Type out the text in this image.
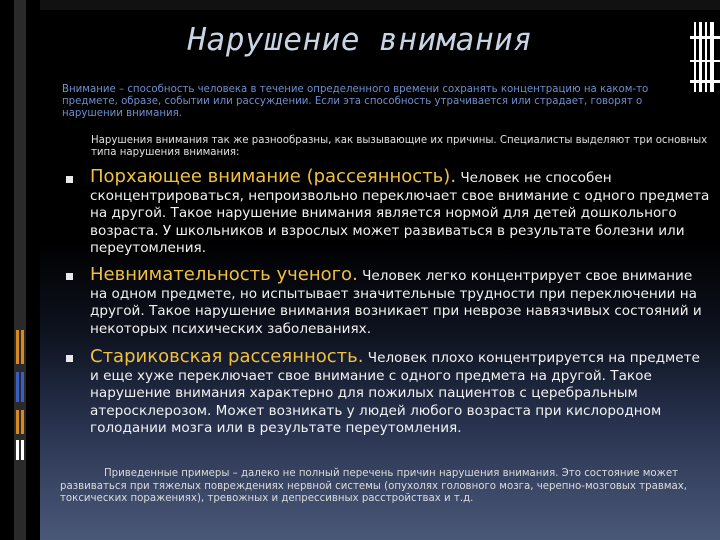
Нарушение внимания
Внимание – способность человека в течение определенного времени сохранять концентрацию на каком-то предмете, образе, событии или рассуждении. Если эта способность утрачивается или страдает, говорят о нарушении внимания.
Нарушения внимания так же разнообразны, как вызывающие их причины. Специалисты выделяют три основных типа нарушения внимания:
Порхающее внимание (рассеянность). Человек не способен сконцентрироваться, непроизвольно переключает свое внимание с одного предмета на другой. Такое нарушение внимания является нормой для детей дошкольного возраста. У школьников и взрослых может развиваться в результате болезни или переутомления.
Невнимательность ученого. Человек легко концентрирует свое внимание на одном предмете, но испытывает значительные трудности при переключении на другой. Такое нарушение внимания возникает при неврозе навязчивых состояний и некоторых психических заболеваниях.
Стариковская рассеянность. Человек плохо концентрируется на предмете и еще хуже переключает свое внимание с одного предмета на другой. Такое нарушение внимания характерно для пожилых пациентов с церебральным атеросклерозом. Может возникать у людей любого возраста при кислородном голодании мозга или в результате переутомления.
Приведенные примеры – далеко не полный перечень причин нарушения внимания. Это состояние может развиваться при тяжелых повреждениях нервной системы (опухолях головного мозга, черепно-мозговых травмах, токсических поражениях), тревожных и депрессивных расстройствах и т.д.
